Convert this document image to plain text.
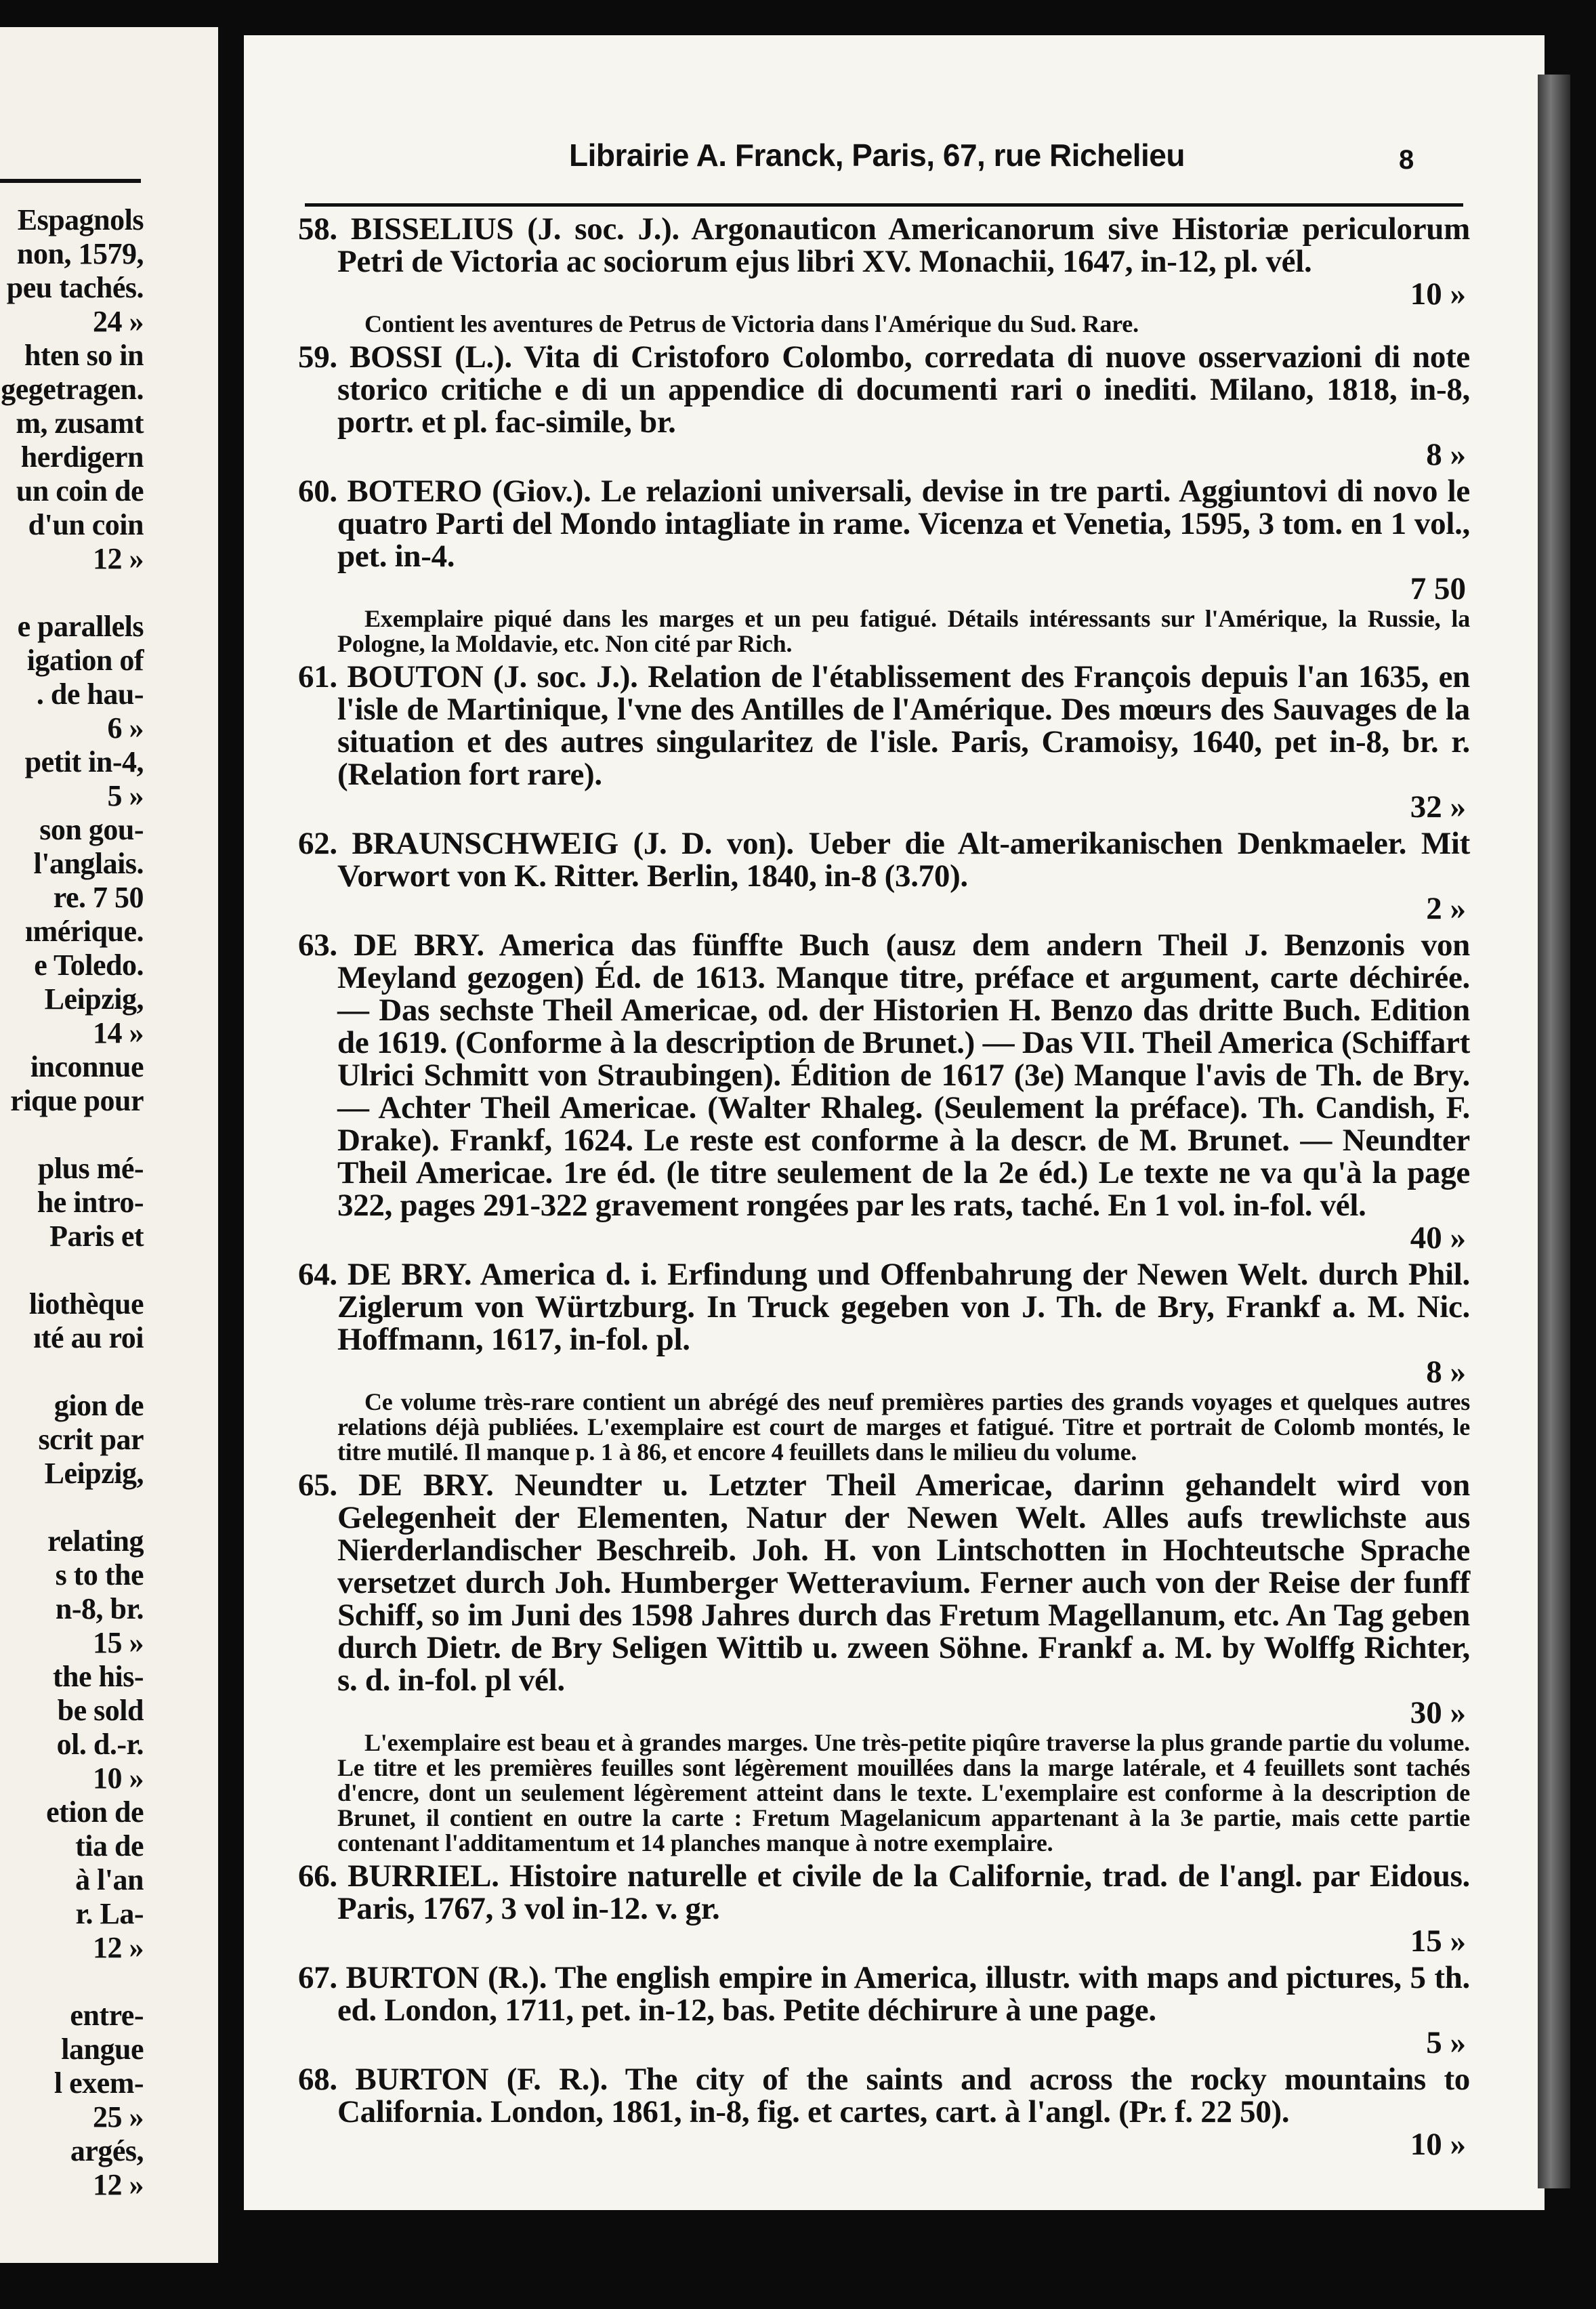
Espagnols
non, 1579,
peu tachés.
24 »
hten so in
gegetragen.
m, zusamt
herdigern
un coin de
d'un coin
12 »

e parallels
igation of
. de hau-
6 »
petit in-4,
5 »
son gou-
l'anglais.
re. 7 50
ımérique.
e Toledo.
Leipzig,
14 »
inconnue
rique pour

plus mé-
he intro-
Paris et

liothèque
ıté au roi

gion de
scrit par
Leipzig,

relating
s to the
n-8, br.
15 »
the his-
be sold
ol. d.-r.
10 »
etion de
tia de
à l'an
r. La-
12 »

entre-
langue
l exem-
25 »
argés,
12 »
Librairie A. Franck, Paris, 67, rue Richelieu	8
58. BISSELIUS (J. soc. J.). Argonauticon Americanorum sive Historiæ periculorum Petri de Victoria ac sociorum ejus libri XV. Monachii, 1647, in-12, pl. vél.
10 »
Contient les aventures de Petrus de Victoria dans l'Amérique du Sud. Rare.
59. BOSSI (L.). Vita di Cristoforo Colombo, corredata di nuove osservazioni di note storico critiche e di un appendice di documenti rari o inediti. Milano, 1818, in-8, portr. et pl. fac-simile, br.
8 »
60. BOTERO (Giov.). Le relazioni universali, devise in tre parti. Aggiuntovi di novo le quatro Parti del Mondo intagliate in rame. Vicenza et Venetia, 1595, 3 tom. en 1 vol., pet. in-4.
7 50
Exemplaire piqué dans les marges et un peu fatigué. Détails intéressants sur l'Amérique, la Russie, la Pologne, la Moldavie, etc. Non cité par Rich.
61. BOUTON (J. soc. J.). Relation de l'établissement des François depuis l'an 1635, en l'isle de Martinique, l'vne des Antilles de l'Amérique. Des mœurs des Sauvages de la situation et des autres singularitez de l'isle. Paris, Cramoisy, 1640, pet in-8, br. r. (Relation fort rare).
32 »
62. BRAUNSCHWEIG (J. D. von). Ueber die Alt-amerikanischen Denkmaeler. Mit Vorwort von K. Ritter. Berlin, 1840, in-8 (3.70).
2 »
63. DE BRY. America das fünffte Buch (ausz dem andern Theil J. Benzonis von Meyland gezogen) Éd. de 1613. Manque titre, préface et argument, carte déchirée. — Das sechste Theil Americae, od. der Historien H. Benzo das dritte Buch. Edition de 1619. (Conforme à la description de Brunet.) — Das VII. Theil America (Schiffart Ulrici Schmitt von Straubingen). Édition de 1617 (3e) Manque l'avis de Th. de Bry. — Achter Theil Americae. (Walter Rhaleg. (Seulement la préface). Th. Candish, F. Drake). Frankf, 1624. Le reste est conforme à la descr. de M. Brunet. — Neundter Theil Americae. 1re éd. (le titre seulement de la 2e éd.) Le texte ne va qu'à la page 322, pages 291-322 gravement rongées par les rats, taché. En 1 vol. in-fol. vél.
40 »
64. DE BRY. America d. i. Erfindung und Offenbahrung der Newen Welt. durch Phil. Ziglerum von Würtzburg. In Truck gegeben von J. Th. de Bry, Frankf a. M. Nic. Hoffmann, 1617, in-fol. pl.
8 »
Ce volume très-rare contient un abrégé des neuf premières parties des grands voyages et quelques autres relations déjà publiées. L'exemplaire est court de marges et fatigué. Titre et portrait de Colomb montés, le titre mutilé. Il manque p. 1 à 86, et encore 4 feuillets dans le milieu du volume.
65. DE BRY. Neundter u. Letzter Theil Americae, darinn gehandelt wird von Gelegenheit der Elementen, Natur der Newen Welt. Alles aufs trewlichste aus Nierderlandischer Beschreib. Joh. H. von Lintschotten in Hochteutsche Sprache versetzet durch Joh. Humberger Wetteravium. Ferner auch von der Reise der funff Schiff, so im Juni des 1598 Jahres durch das Fretum Magellanum, etc. An Tag geben durch Dietr. de Bry Seligen Wittib u. zween Söhne. Frankf a. M. by Wolffg Richter, s. d. in-fol. pl vél.
30 »
L'exemplaire est beau et à grandes marges. Une très-petite piqûre traverse la plus grande partie du volume. Le titre et les premières feuilles sont légèrement mouillées dans la marge latérale, et 4 feuillets sont tachés d'encre, dont un seulement légèrement atteint dans le texte. L'exemplaire est conforme à la description de Brunet, il contient en outre la carte : Fretum Magelanicum appartenant à la 3e partie, mais cette partie contenant l'additamentum et 14 planches manque à notre exemplaire.
66. BURRIEL. Histoire naturelle et civile de la Californie, trad. de l'angl. par Eidous. Paris, 1767, 3 vol in-12. v. gr.
15 »
67. BURTON (R.). The english empire in America, illustr. with maps and pictures, 5 th. ed. London, 1711, pet. in-12, bas. Petite déchirure à une page.
5 »
68. BURTON (F. R.). The city of the saints and across the rocky mountains to California. London, 1861, in-8, fig. et cartes, cart. à l'angl. (Pr. f. 22 50).
10 »
